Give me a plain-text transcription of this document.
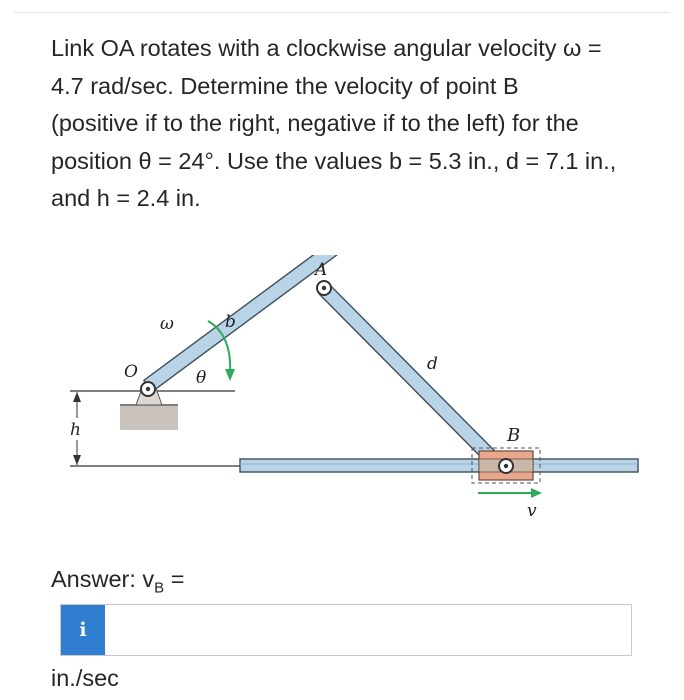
Link OA rotates with a clockwise angular velocity ω =
4.7 rad/sec. Determine the velocity of point B
(positive if to the right, negative if to the left) for the
position θ = 24°. Use the values b = 5.3 in., d = 7.1 in.,
and h = 2.4 in.
h
A
O
B
b
d
ω
θ
v
Answer: $v_B$ =
i
in./sec
